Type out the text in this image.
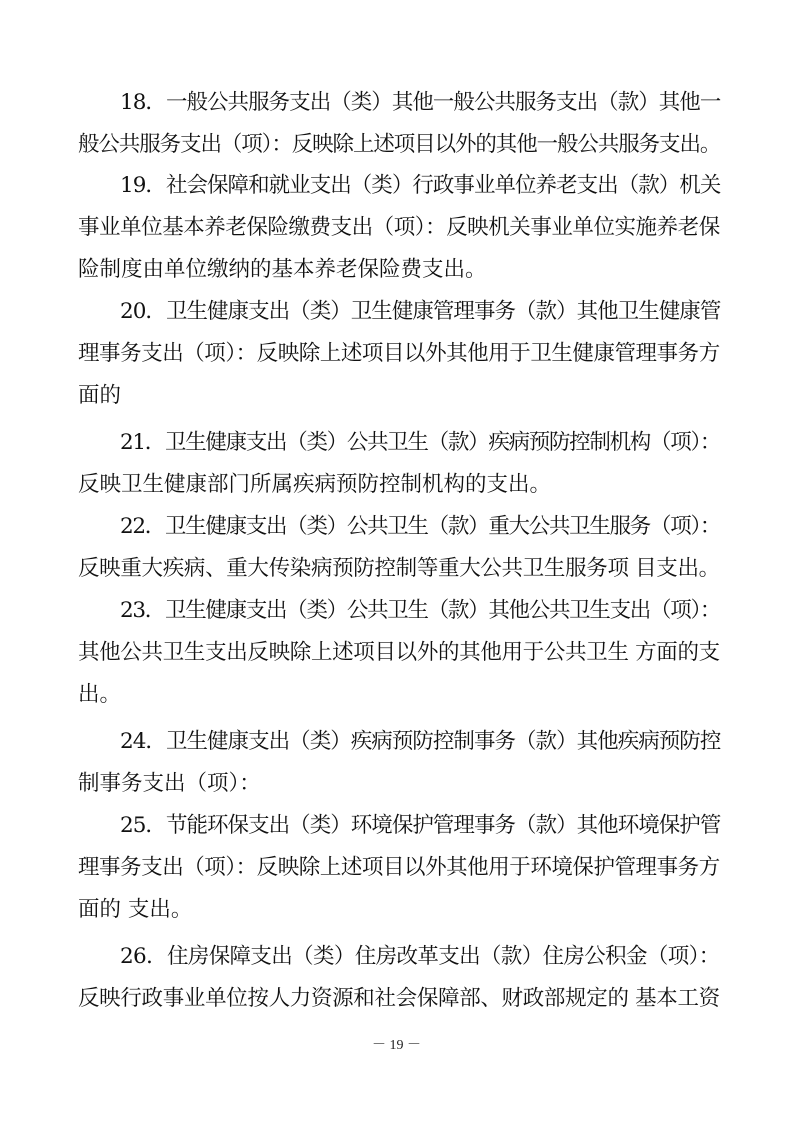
18．一般公共服务支出（类）其他一般公共服务支出（款）其他一
般公共服务支出（项）：反映除上述项目以外的其他一般公共服务支出。
19．社会保障和就业支出（类）行政事业单位养老支出（款）机关
事业单位基本养老保险缴费支出（项）：反映机关事业单位实施养老保
险制度由单位缴纳的基本养老保险费支出。
20．卫生健康支出（类）卫生健康管理事务（款）其他卫生健康管
理事务支出（项）：反映除上述项目以外其他用于卫生健康管理事务方
面的
21．卫生健康支出（类）公共卫生（款）疾病预防控制机构（项）：
反映卫生健康部门所属疾病预防控制机构的支出。
22．卫生健康支出（类）公共卫生（款）重大公共卫生服务（项）：
反映重大疾病、重大传染病预防控制等重大公共卫生服务项 目支出。
23．卫生健康支出（类）公共卫生（款）其他公共卫生支出（项）：
其他公共卫生支出反映除上述项目以外的其他用于公共卫生 方面的支
出。
24．卫生健康支出（类）疾病预防控制事务（款）其他疾病预防控
制事务支出（项）：
25．节能环保支出（类）环境保护管理事务（款）其他环境保护管
理事务支出（项）：反映除上述项目以外其他用于环境保护管理事务方
面的 支出。
26．住房保障支出（类）住房改革支出（款）住房公积金（项）：
反映行政事业单位按人力资源和社会保障部、财政部规定的 基本工资
－ 19 －
